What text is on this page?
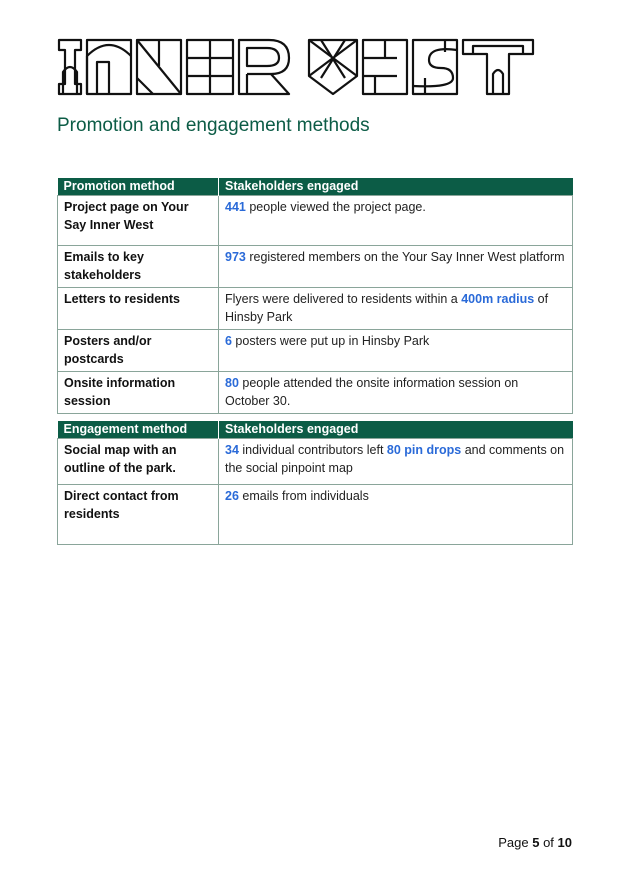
Promotion and engagement methods
Promotion method	Stakeholders engaged
Project page on Your Say Inner West	441 people viewed the project page.
Emails to key stakeholders	973 registered members on the Your Say Inner West platform
Letters to residents	Flyers were delivered to residents within a 400m radius of Hinsby Park
Posters and/or postcards	6 posters were put up in Hinsby Park
Onsite information session	80 people attended the onsite information session on October 30.
Engagement method	Stakeholders engaged
Social map with an outline of the park.	34 individual contributors left 80 pin drops and comments on the social pinpoint map
Direct contact from residents	26 emails from individuals
Page 5 of 10
